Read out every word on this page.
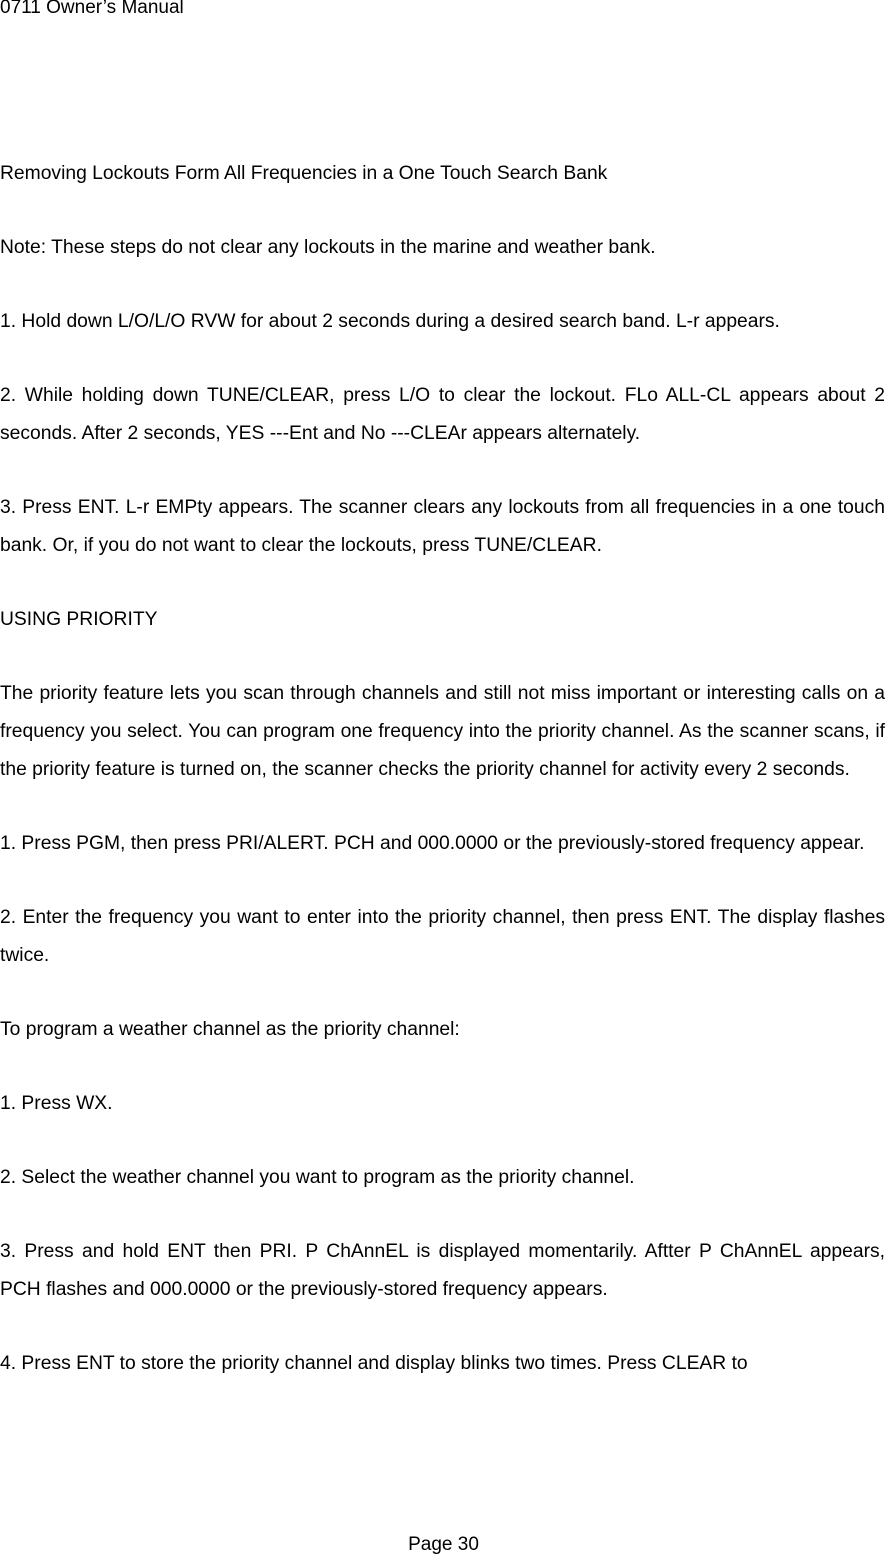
0711 Owner’s Manual

Removing Lockouts Form All Frequencies in a One Touch Search Bank

Note: These steps do not clear any lockouts in the marine and weather bank.

1. Hold down L/O/L/O RVW for about 2 seconds during a desired search band. L-r appears.

2. While holding down TUNE/CLEAR, press L/O to clear the lockout. FLo ALL-CL appears about 2 seconds. After 2 seconds, YES ---Ent and No ---CLEAr appears alternately.

3. Press ENT. L-r EMPty appears. The scanner clears any lockouts from all frequencies in a one touch bank. Or, if you do not want to clear the lockouts, press TUNE/CLEAR.

USING PRIORITY

The priority feature lets you scan through channels and still not miss important or interesting calls on a frequency you select. You can program one frequency into the priority channel. As the scanner scans, if the priority feature is turned on, the scanner checks the priority channel for activity every 2 seconds.

1. Press PGM, then press PRI/ALERT. PCH and 000.0000 or the previously-stored frequency appear.

2. Enter the frequency you want to enter into the priority channel, then press ENT. The display flashes twice.

To program a weather channel as the priority channel:

1. Press WX.

2. Select the weather channel you want to program as the priority channel.

3. Press and hold ENT then PRI. P ChAnnEL is displayed momentarily. Aftter P ChAnnEL appears, PCH flashes and 000.0000 or the previously-stored frequency appears.

4. Press ENT to store the priority channel and display blinks two times. Press CLEAR to

Page 30
